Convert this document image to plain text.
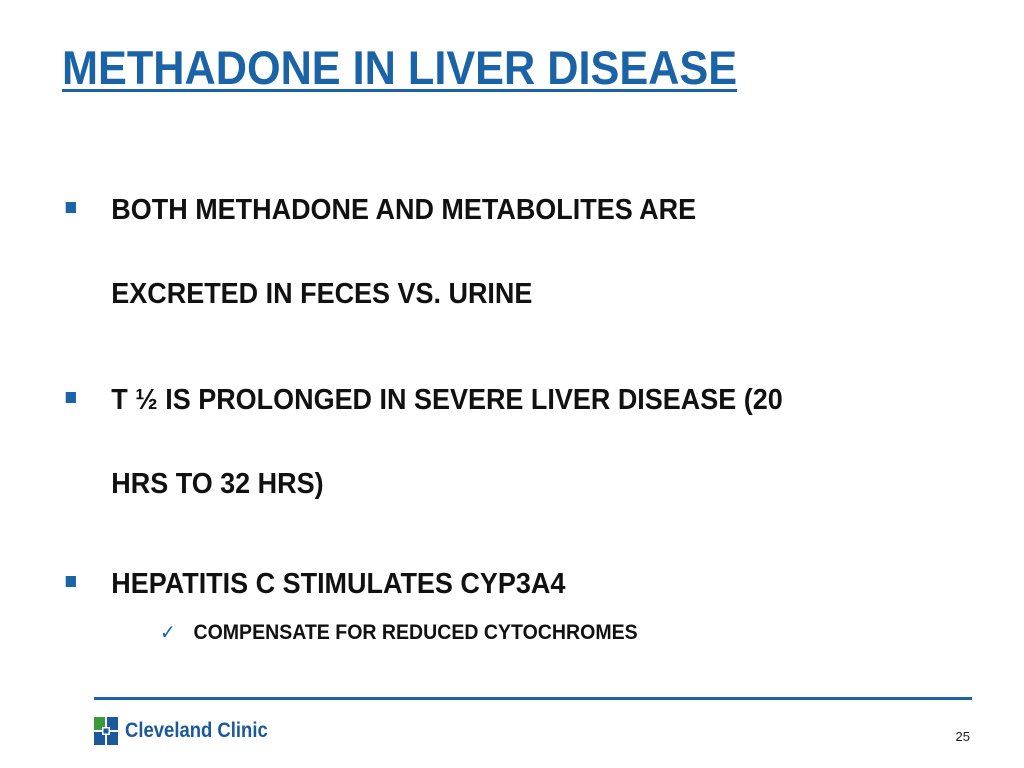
METHADONE IN LIVER DISEASE
BOTH METHADONE AND METABOLITES ARE
EXCRETED IN FECES VS. URINE
T ½ IS PROLONGED IN SEVERE LIVER DISEASE (20
HRS TO 32 HRS)
HEPATITIS C STIMULATES CYP3A4
✓ COMPENSATE FOR REDUCED CYTOCHROMES
Cleveland Clinic	25
